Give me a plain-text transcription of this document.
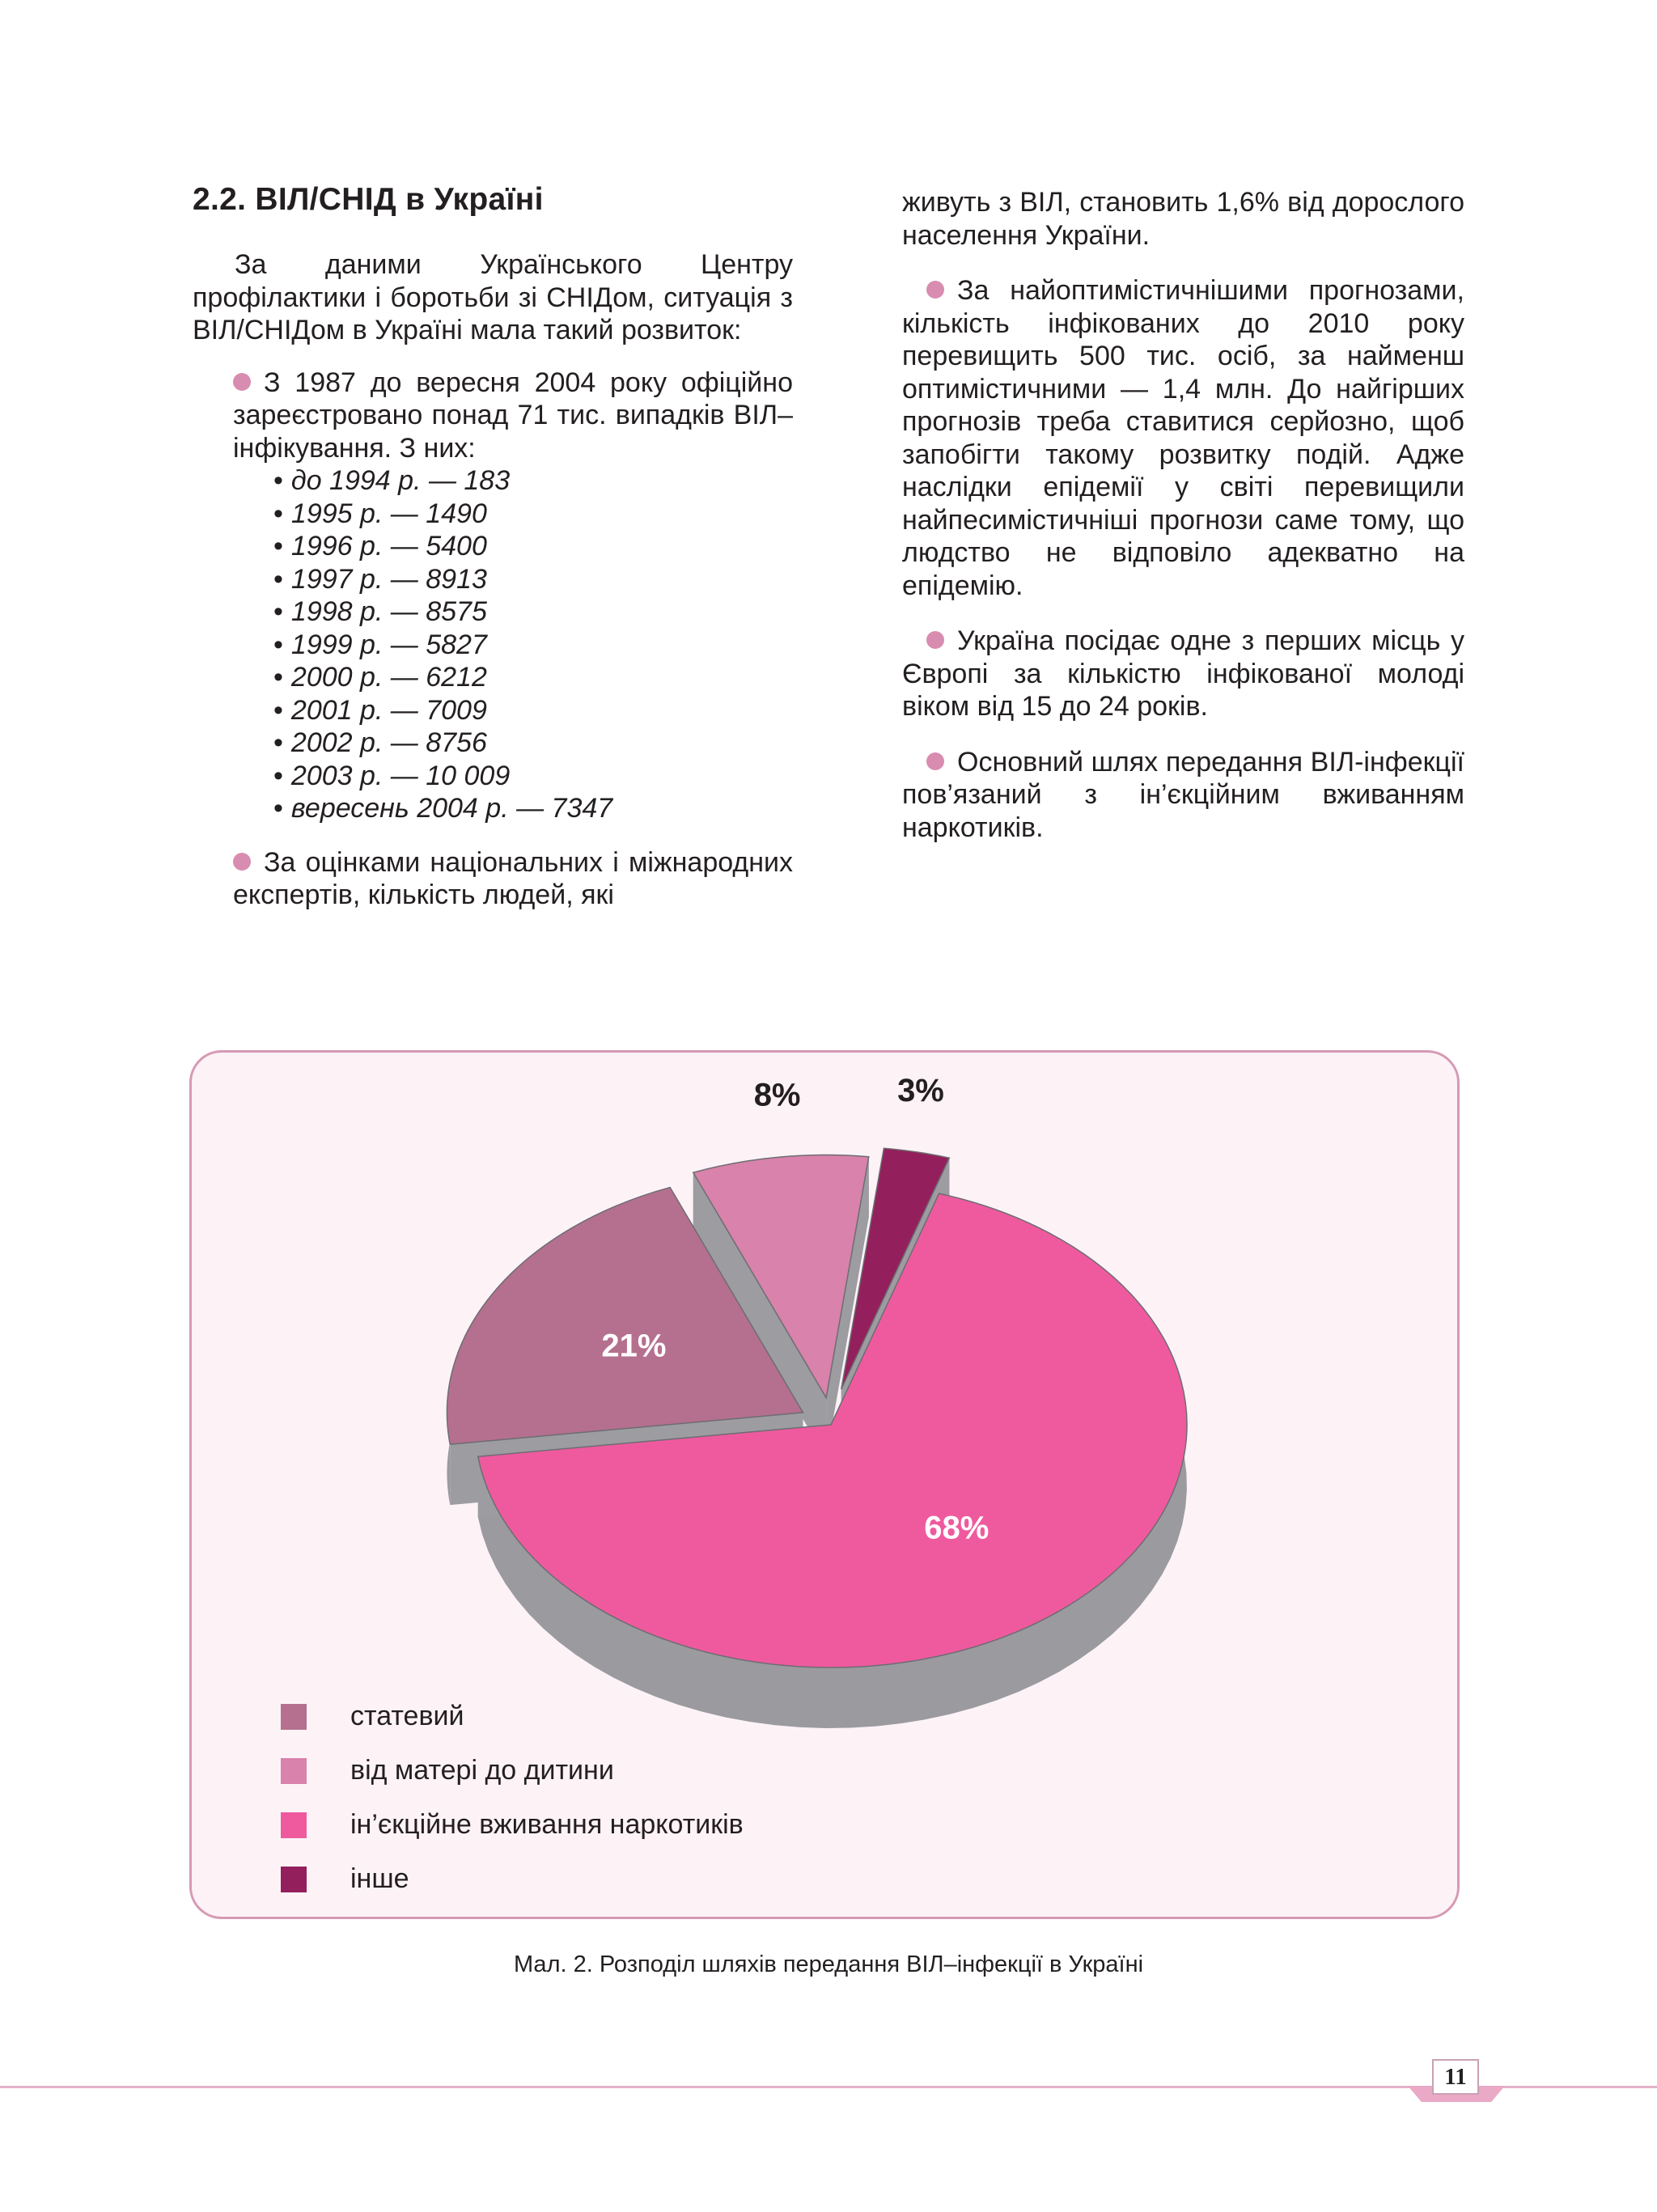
2.2. ВІЛ/СНІД в Україні

За даними Українського Центру профілактики і боротьби зі СНІДом, ситуація з ВІЛ/СНІДом в Україні мала такий розвиток:

З 1987 до вересня 2004 року офіційно зареєстровано понад 71 тис. випадків ВІЛ–інфікування. З них:

• до 1994 р. — 183
• 1995 р. — 1490
• 1996 р. — 5400
• 1997 р. — 8913
• 1998 р. — 8575
• 1999 р. — 5827
• 2000 р. — 6212
• 2001 р. — 7009
• 2002 р. — 8756
• 2003 р. — 10 009
• вересень 2004 р. — 7347

За оцінками національних і міжнародних експертів, кількість людей, які

живуть з ВІЛ, становить 1,6% від дорослого населення України.

За найоптимістичнішими прогнозами, кількість інфікованих до 2010 року перевищить 500 тис. осіб, за найменш оптимістичними — 1,4 млн. До найгірших прогнозів треба ставитися серйозно, щоб запобігти такому розвитку подій. Адже наслідки епідемії у світі перевищили найпесимістичніші прогнози саме тому, що людство не відповіло адекватно на епідемію.

Україна посідає одне з перших місць у Європі за кількістю інфікованої молоді віком від 15 до 24 років.

Основний шлях передання ВІЛ-інфекції пов’язаний з ін’єкційним вживанням наркотиків.

3%
68%
21%
8%
статевий
від матері до дитини
ін’єкційне вживання наркотиків
інше
Мал. 2. Розподіл шляхів передання ВІЛ–інфекції в Україні
11
